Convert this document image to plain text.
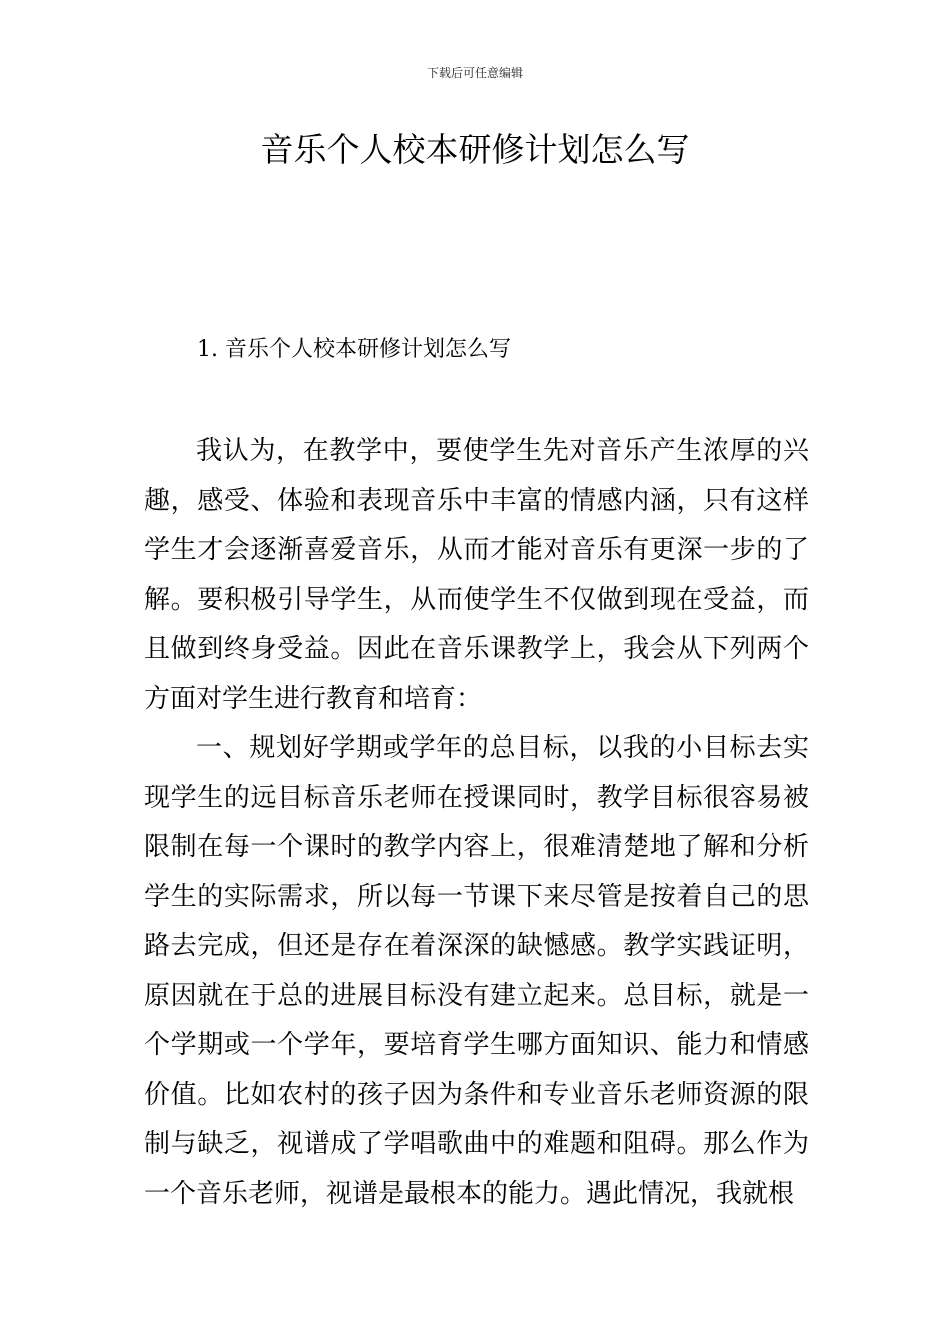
下载后可任意编辑
音乐个人校本研修计划怎么写
1. 音乐个人校本研修计划怎么写

我认为，在教学中，要使学生先对音乐产生浓厚的兴趣，感受、体验和表现音乐中丰富的情感内涵，只有这样学生才会逐渐喜爱音乐，从而才能对音乐有更深一步的了解。要积极引导学生，从而使学生不仅做到现在受益，而且做到终身受益。因此在音乐课教学上，我会从下列两个方面对学生进行教育和培育：

一、规划好学期或学年的总目标，以我的小目标去实现学生的远目标音乐老师在授课同时，教学目标很容易被限制在每一个课时的教学内容上，很难清楚地了解和分析学生的实际需求，所以每一节课下来尽管是按着自己的思路去完成，但还是存在着深深的缺憾感。教学实践证明，原因就在于总的进展目标没有建立起来。总目标，就是一个学期或一个学年，要培育学生哪方面知识、能力和情感价值。比如农村的孩子因为条件和专业音乐老师资源的限制与缺乏，视谱成了学唱歌曲中的难题和阻碍。那么作为一个音乐老师，视谱是最根本的能力。遇此情况，我就根
